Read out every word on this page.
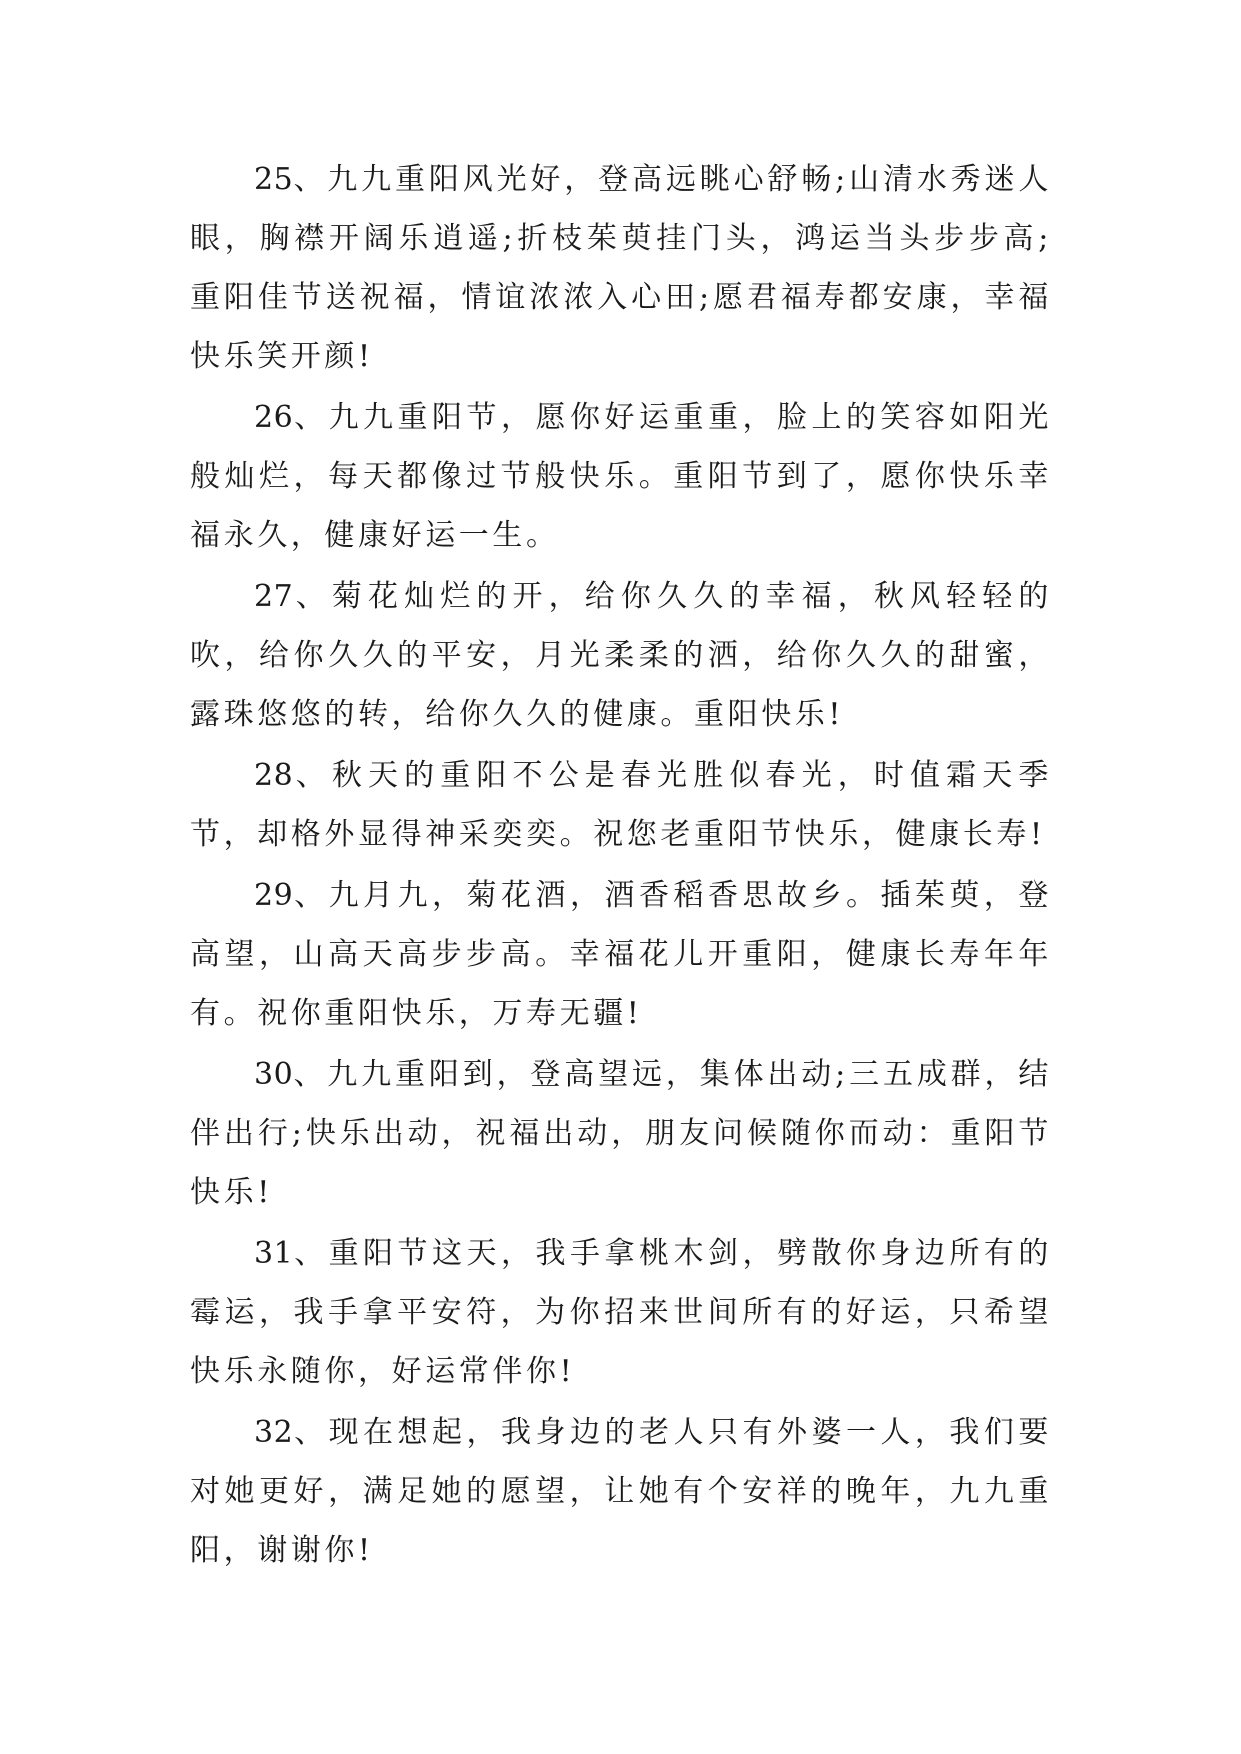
25、九九重阳风光好，登高远眺心舒畅;山清水秀迷人眼，胸襟开阔乐逍遥;折枝茱萸挂门头，鸿运当头步步高;重阳佳节送祝福，情谊浓浓入心田;愿君福寿都安康，幸福快乐笑开颜!

26、九九重阳节，愿你好运重重，脸上的笑容如阳光般灿烂，每天都像过节般快乐。重阳节到了，愿你快乐幸福永久，健康好运一生。

27、菊花灿烂的开，给你久久的幸福，秋风轻轻的吹，给你久久的平安，月光柔柔的洒，给你久久的甜蜜，露珠悠悠的转，给你久久的健康。重阳快乐!

28、秋天的重阳不公是春光胜似春光，时值霜天季节，却格外显得神采奕奕。祝您老重阳节快乐，健康长寿!

29、九月九，菊花酒，酒香稻香思故乡。插茱萸，登高望，山高天高步步高。幸福花儿开重阳，健康长寿年年有。祝你重阳快乐，万寿无疆!

30、九九重阳到，登高望远，集体出动;三五成群，结伴出行;快乐出动，祝福出动，朋友问候随你而动：重阳节快乐!

31、重阳节这天，我手拿桃木剑，劈散你身边所有的霉运，我手拿平安符，为你招来世间所有的好运，只希望快乐永随你，好运常伴你!

32、现在想起，我身边的老人只有外婆一人，我们要对她更好，满足她的愿望，让她有个安祥的晚年，九九重阳，谢谢你!
